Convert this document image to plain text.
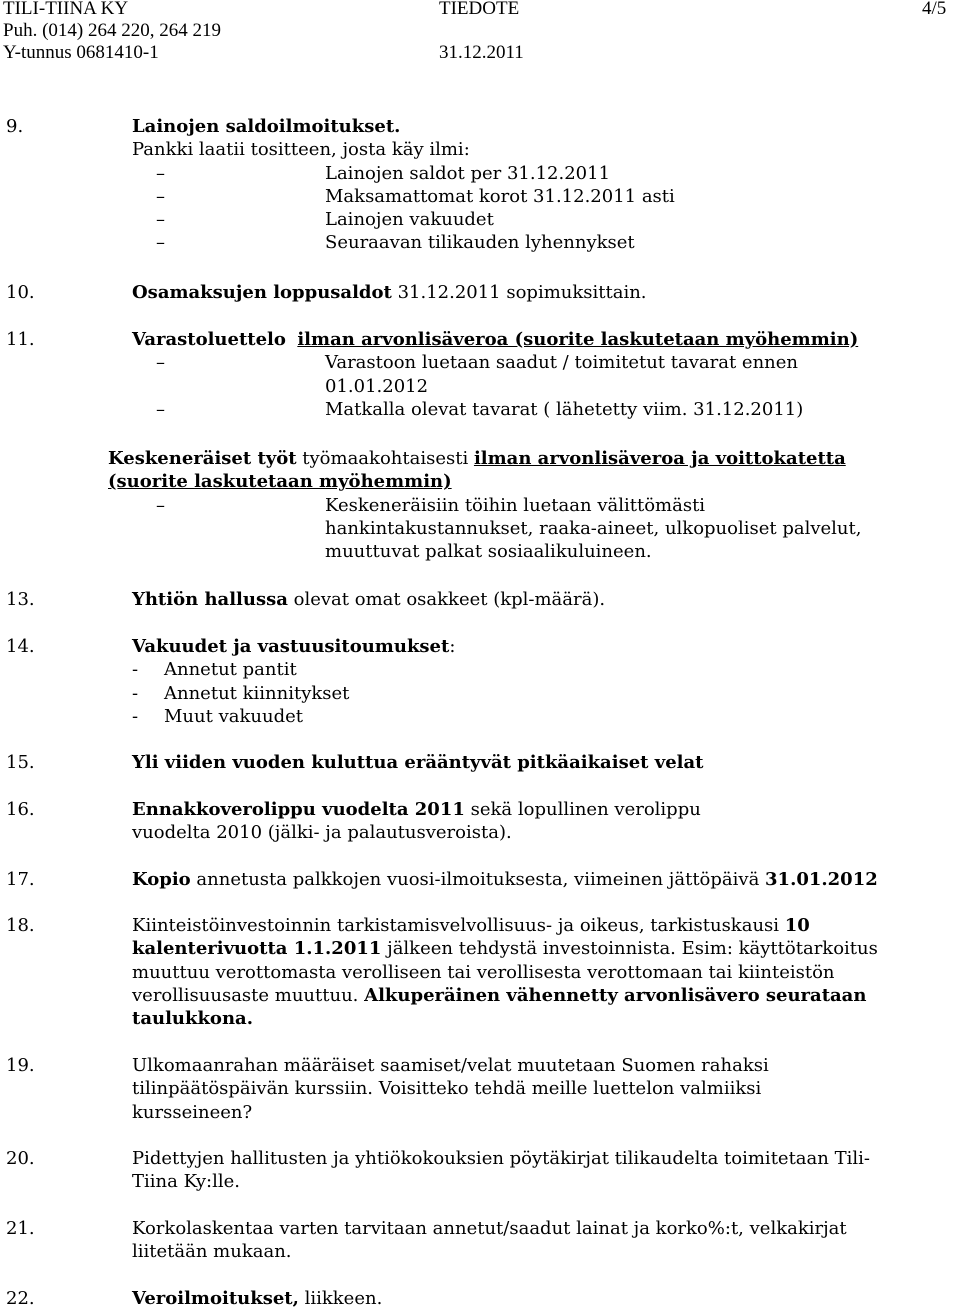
TILI-TIINA KY
Puh. (014) 264 220, 264 219
Y-tunnus 0681410-1
TIEDOTE
31.12.2011
4/5
9.	Lainojen saldoilmoitukset.
Pankki laatii tositteen, josta käy ilmi:
–	Lainojen saldot per 31.12.2011
–	Maksamattomat korot 31.12.2011 asti
–	Lainojen vakuudet
–	Seuraavan tilikauden lyhennykset
10.	Osamaksujen loppusaldot 31.12.2011 sopimuksittain.
11.	Varastoluettelo ilman arvonlisäveroa (suorite laskutetaan myöhemmin)
–	Varastoon luetaan saadut / toimitetut tavarat ennen
01.01.2012
–	Matkalla olevat tavarat ( lähetetty viim. 31.12.2011)
Keskeneräiset työt työmaakohtaisesti ilman arvonlisäveroa ja voittokatetta
(suorite laskutetaan myöhemmin)
–	Keskeneräisiin töihin luetaan välittömästi
hankintakustannukset, raaka-aineet, ulkopuoliset palvelut,
muuttuvat palkat sosiaalikuluineen.
13.	Yhtiön hallussa olevat omat osakkeet (kpl-määrä).
14.	Vakuudet ja vastuusitoumukset:
- Annetut pantit
- Annetut kiinnitykset
- Muut vakuudet
15.	Yli viiden vuoden kuluttua erääntyvät pitkäaikaiset velat
16.	Ennakkoverolippu vuodelta 2011 sekä lopullinen verolippu
vuodelta 2010 (jälki- ja palautusveroista).
17.	Kopio annetusta palkkojen vuosi-ilmoituksesta, viimeinen jättöpäivä 31.01.2012
18.	Kiinteistöinvestoinnin tarkistamisvelvollisuus- ja oikeus, tarkistuskausi 10
kalenterivuotta 1.1.2011 jälkeen tehdystä investoinnista. Esim: käyttötarkoitus
muuttuu verottomasta verolliseen tai verollisesta verottomaan tai kiinteistön
verollisuusaste muuttuu. Alkuperäinen vähennetty arvonlisävero seurataan
taulukkona.
19.	Ulkomaanrahan määräiset saamiset/velat muutetaan Suomen rahaksi
tilinpäätöspäivän kurssiin. Voisitteko tehdä meille luettelon valmiiksi
kursseineen?
20.	Pidettyjen hallitusten ja yhtiökokouksien pöytäkirjat tilikaudelta toimitetaan Tili-
Tiina Ky:lle.
21.	Korkolaskentaa varten tarvitaan annetut/saadut lainat ja korko%:t, velkakirjat
liitetään mukaan.
22.	Veroilmoitukset, liikkeen.
